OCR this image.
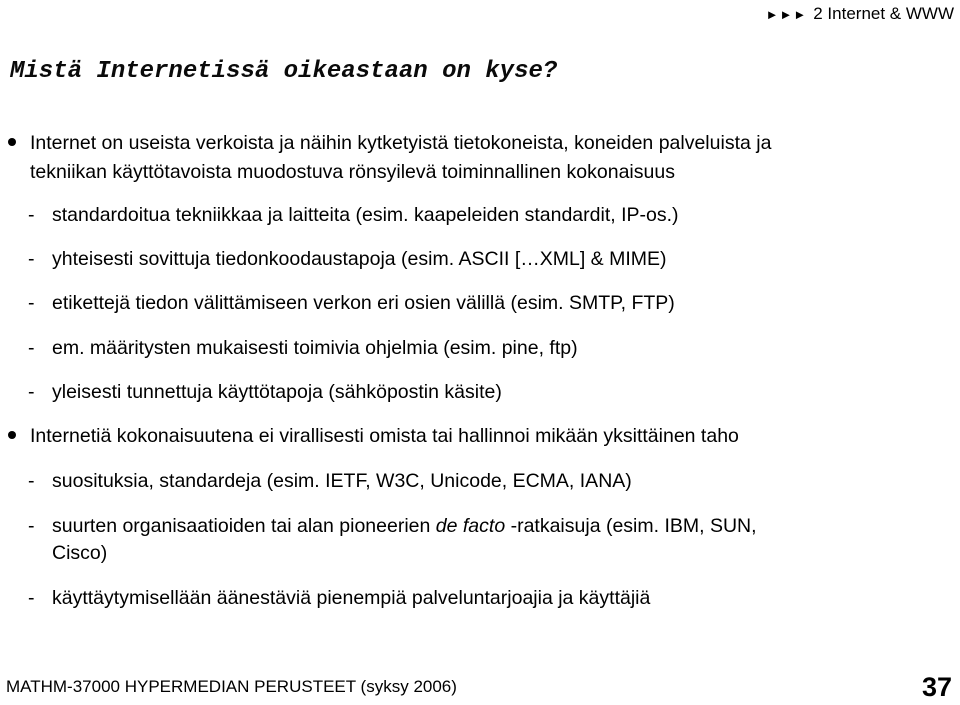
►►► 2 Internet & WWW
Mistä Internetissä oikeastaan on kyse?
Internet on useista verkoista ja näihin kytketyistä tietokoneista, koneiden palveluista ja
tekniikan käyttötavoista muodostuva rönsyilevä toiminnallinen kokonaisuus
- standardoitua tekniikkaa ja laitteita (esim. kaapeleiden standardit, IP-os.)
- yhteisesti sovittuja tiedonkoodaustapoja (esim. ASCII […XML] & MIME)
- etikettejä tiedon välittämiseen verkon eri osien välillä (esim. SMTP, FTP)
- em. määritysten mukaisesti toimivia ohjelmia (esim. pine, ftp)
- yleisesti tunnettuja käyttötapoja (sähköpostin käsite)
Internetiä kokonaisuutena ei virallisesti omista tai hallinnoi mikään yksittäinen taho
- suosituksia, standardeja (esim. IETF, W3C, Unicode, ECMA, IANA)
- suurten organisaatioiden tai alan pioneerien de facto -ratkaisuja (esim. IBM, SUN,
Cisco)
- käyttäytymisellään äänestäviä pienempiä palveluntarjoajia ja käyttäjiä
MATHM-37000 HYPERMEDIAN PERUSTEET (syksy 2006)	37
